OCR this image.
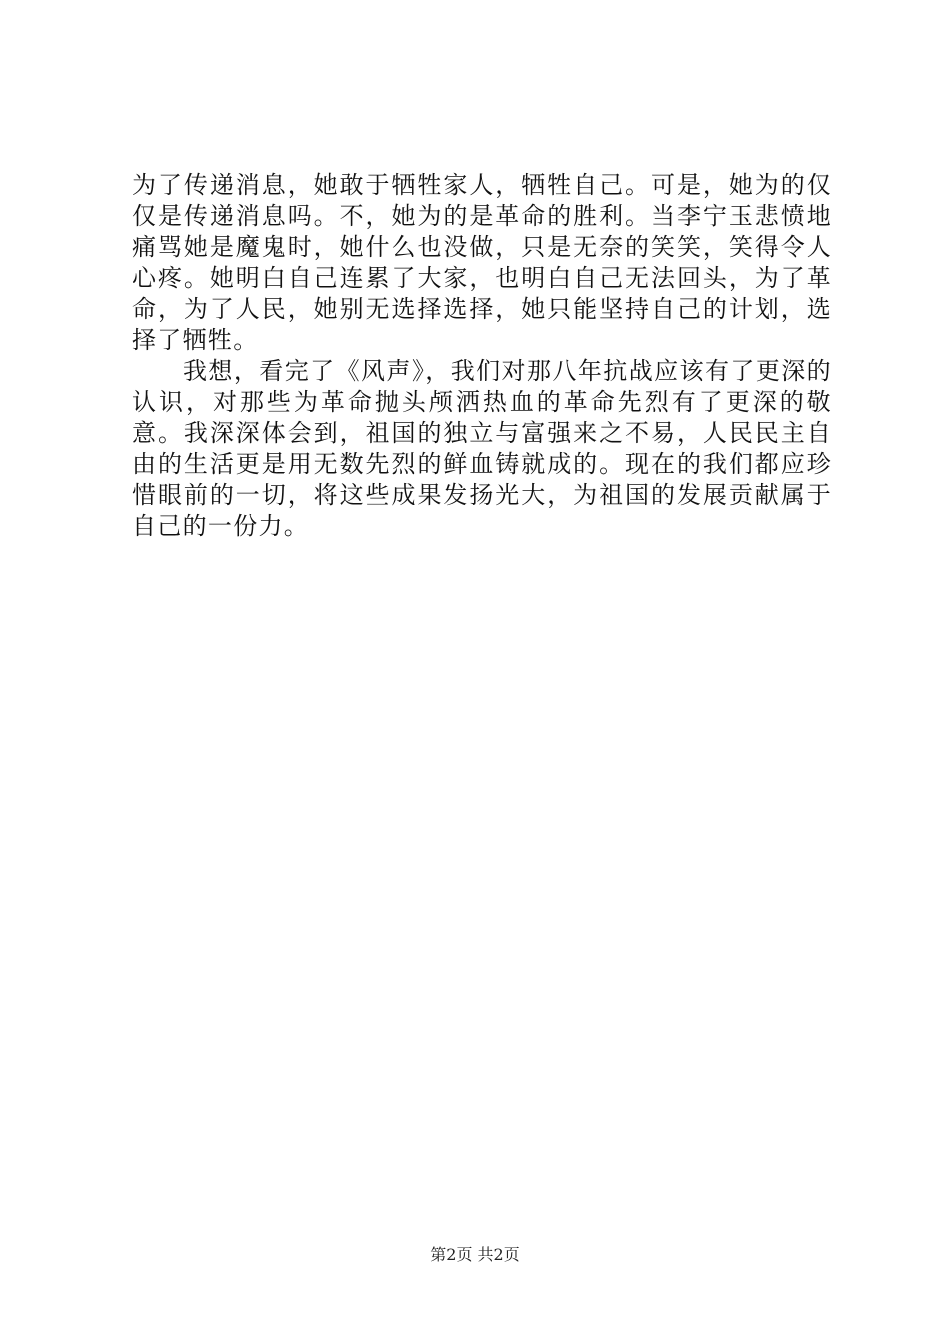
为了传递消息，她敢于牺牲家人，牺牲自己。可是，她为的仅仅是传递消息吗。不，她为的是革命的胜利。当李宁玉悲愤地痛骂她是魔鬼时，她什么也没做，只是无奈的笑笑，笑得令人心疼。她明白自己连累了大家，也明白自己无法回头，为了革命，为了人民，她别无选择选择，她只能坚持自己的计划，选择了牺牲。

我想，看完了《风声》，我们对那八年抗战应该有了更深的认识，对那些为革命抛头颅洒热血的革命先烈有了更深的敬意。我深深体会到，祖国的独立与富强来之不易，人民民主自由的生活更是用无数先烈的鲜血铸就成的。现在的我们都应珍惜眼前的一切，将这些成果发扬光大，为祖国的发展贡献属于自己的一份力。

第2页 共2页
